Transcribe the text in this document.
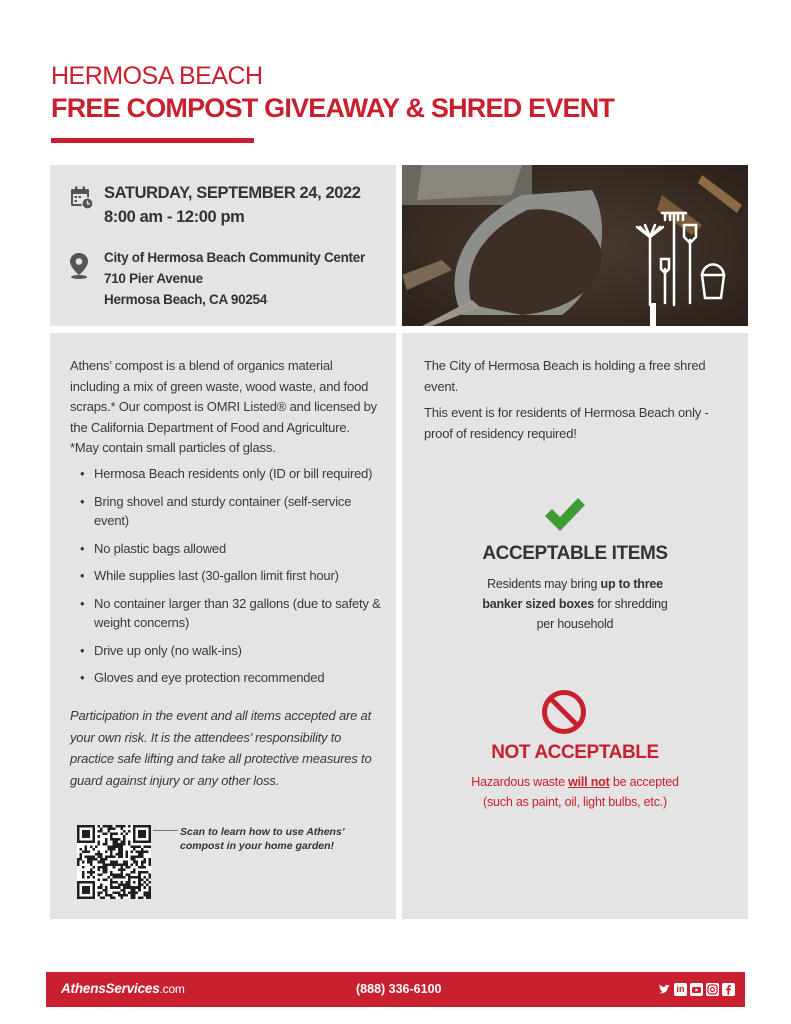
HERMOSA BEACH
FREE COMPOST GIVEAWAY & SHRED EVENT
SATURDAY, SEPTEMBER 24, 2022
8:00 am - 12:00 pm
City of Hermosa Beach Community Center
710 Pier Avenue
Hermosa Beach, CA 90254
Athens’ compost is a blend of organics material including a mix of green waste, wood waste, and food scraps.* Our compost is OMRI Listed® and licensed by the California Department of Food and Agriculture. *May contain small particles of glass.
• Hermosa Beach residents only (ID or bill required)
• Bring shovel and sturdy container (self-service event)
• No plastic bags allowed
• While supplies last (30-gallon limit first hour)
• No container larger than 32 gallons (due to safety & weight concerns)
• Drive up only (no walk-ins)
• Gloves and eye protection recommended
Participation in the event and all items accepted are at your own risk. It is the attendees’ responsibility to practice safe lifting and take all protective measures to guard against injury or any other loss.
Scan to learn how to use Athens’ compost in your home garden!
The City of Hermosa Beach is holding a free shred event.
This event is for residents of Hermosa Beach only - proof of residency required!
ACCEPTABLE ITEMS
Residents may bring up to three banker sized boxes for shredding per household
NOT ACCEPTABLE
Hazardous waste will not be accepted (such as paint, oil, light bulbs, etc.)
AthensServices.com	(888) 336-6100	in
